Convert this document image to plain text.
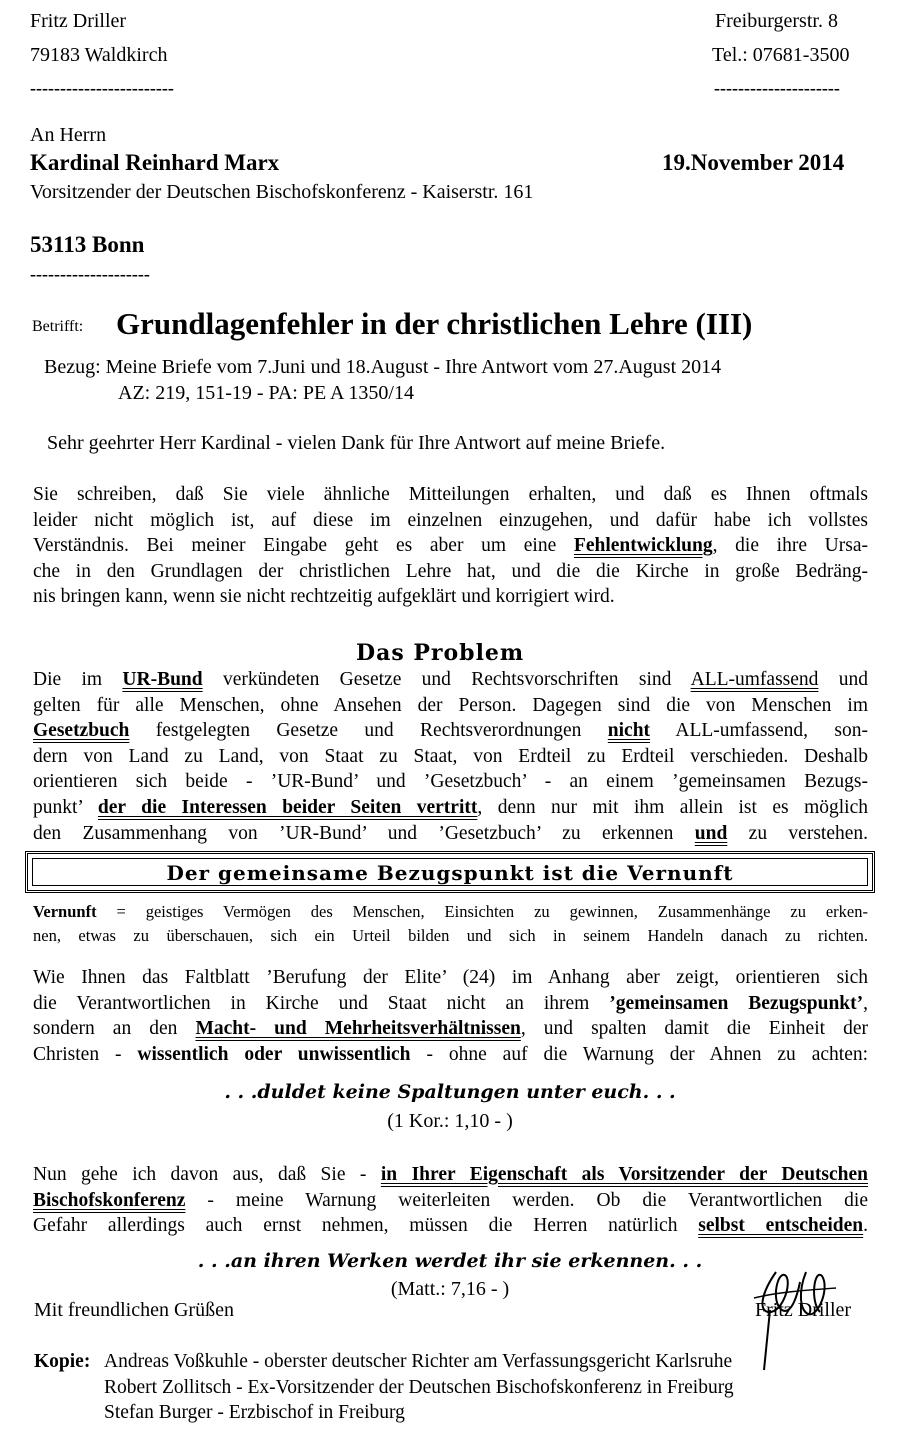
Fritz Driller
79183 Waldkirch
------------------------
Freiburgerstr. 8
Tel.: 07681-3500
---------------------
An Herrn
Kardinal Reinhard Marx	19.November 2014
Vorsitzender der Deutschen Bischofskonferenz - Kaiserstr. 161
53113 Bonn
--------------------
Betrifft: Grundlagenfehler in der christlichen Lehre (III)
Bezug: Meine Briefe vom 7.Juni und 18.August - Ihre Antwort vom 27.August 2014
AZ: 219, 151-19 - PA: PE A 1350/14
Sehr geehrter Herr Kardinal - vielen Dank für Ihre Antwort auf meine Briefe.
Sie schreiben, daß Sie viele ähnliche Mitteilungen erhalten, und daß es Ihnen oftmals
leider nicht möglich ist, auf diese im einzelnen einzugehen, und dafür habe ich vollstes
Verständnis. Bei meiner Eingabe geht es aber um eine Fehlentwicklung, die ihre Ursa-
che in den Grundlagen der christlichen Lehre hat, und die die Kirche in große Bedräng-
nis bringen kann, wenn sie nicht rechtzeitig aufgeklärt und korrigiert wird.
Das Problem
Die im UR-Bund verkündeten Gesetze und Rechtsvorschriften sind ALL-umfassend und
gelten für alle Menschen, ohne Ansehen der Person. Dagegen sind die von Menschen im
Gesetzbuch festgelegten Gesetze und Rechtsverordnungen nicht ALL-umfassend, son-
dern von Land zu Land, von Staat zu Staat, von Erdteil zu Erdteil verschieden. Deshalb
orientieren sich beide - ’UR-Bund’ und ’Gesetzbuch’ - an einem ’gemeinsamen Bezugs-
punkt’ der die Interessen beider Seiten vertritt, denn nur mit ihm allein ist es möglich
den Zusammenhang von ’UR-Bund’ und ’Gesetzbuch’ zu erkennen und zu verstehen.
Der gemeinsame Bezugspunkt ist die Vernunft
Vernunft = geistiges Vermögen des Menschen, Einsichten zu gewinnen, Zusammenhänge zu erken-
nen, etwas zu überschauen, sich ein Urteil bilden und sich in seinem Handeln danach zu richten.
Wie Ihnen das Faltblatt ’Berufung der Elite’ (24) im Anhang aber zeigt, orientieren sich
die Verantwortlichen in Kirche und Staat nicht an ihrem ’gemeinsamen Bezugspunkt’,
sondern an den Macht- und Mehrheitsverhältnissen, und spalten damit die Einheit der
Christen - wissentlich oder unwissentlich - ohne auf die Warnung der Ahnen zu achten:
. . .duldet keine Spaltungen unter euch. . .
(1 Kor.: 1,10 - )
Nun gehe ich davon aus, daß Sie - in Ihrer Eigenschaft als Vorsitzender der Deutschen
Bischofskonferenz - meine Warnung weiterleiten werden. Ob die Verantwortlichen die
Gefahr allerdings auch ernst nehmen, müssen die Herren natürlich selbst entscheiden.
. . .an ihren Werken werdet ihr sie erkennen. . .
(Matt.: 7,16 - )
Mit freundlichen Grüßen	Fritz Driller
Kopie: Andreas Voßkuhle - oberster deutscher Richter am Verfassungsgericht Karlsruhe
Robert Zollitsch - Ex-Vorsitzender der Deutschen Bischofskonferenz in Freiburg
Stefan Burger - Erzbischof in Freiburg
